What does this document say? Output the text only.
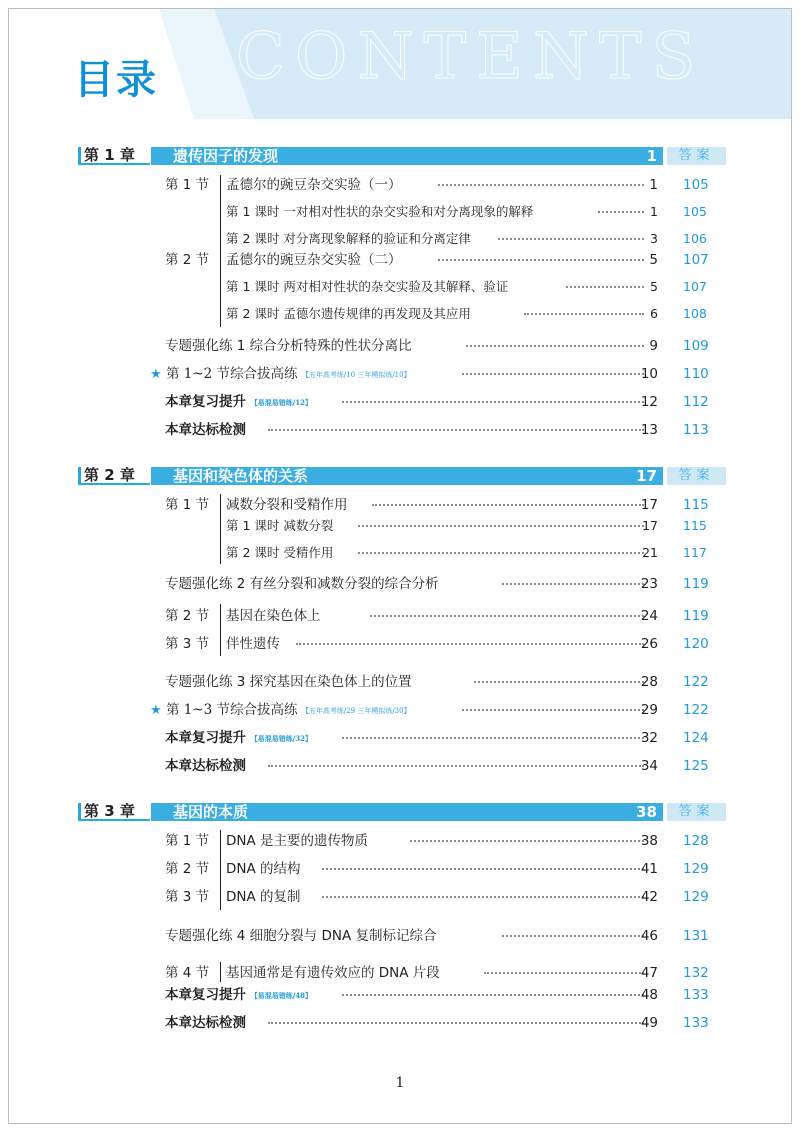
CONTENTS
目录
第 1 章	遗传因子的发现	1	答案
第 1 节 孟德尔的豌豆杂交实验（一）	1 105
第 1 课时 一对相对性状的杂交实验和对分离现象的解释	1 105
第 2 课时 对分离现象解释的验证和分离定律	3 106
第 2 节 孟德尔的豌豆杂交实验（二）	5 107
第 1 课时 两对相对性状的杂交实验及其解释、验证	5 107
第 2 课时 孟德尔遗传规律的再发现及其应用	6 108
专题强化练 1 综合分析特殊的性状分离比	9 109
★ 第 1~2 节综合拔高练 【五年高考练/10 三年模拟练/10】	10 110
本章复习提升 【易混易错练/12】	12 112
本章达标检测	13 113
第 2 章	基因和染色体的关系	17	答案
第 1 节 减数分裂和受精作用	17 115
第 1 课时 减数分裂	17 115
第 2 课时 受精作用	21 117
专题强化练 2 有丝分裂和减数分裂的综合分析	23 119
第 2 节 基因在染色体上	24 119
第 3 节 伴性遗传	26 120
专题强化练 3 探究基因在染色体上的位置	28 122
★ 第 1~3 节综合拔高练 【五年高考练/29 三年模拟练/30】	29 122
本章复习提升 【易混易错练/32】	32 124
本章达标检测	34 125
第 3 章	基因的本质	38	答案
第 1 节 DNA 是主要的遗传物质	38 128
第 2 节 DNA 的结构	41 129
第 3 节 DNA 的复制	42 129
专题强化练 4 细胞分裂与 DNA 复制标记综合	46 131
第 4 节 基因通常是有遗传效应的 DNA 片段	47 132
本章复习提升 【易混易错练/48】	48 133
本章达标检测	49 133
1
